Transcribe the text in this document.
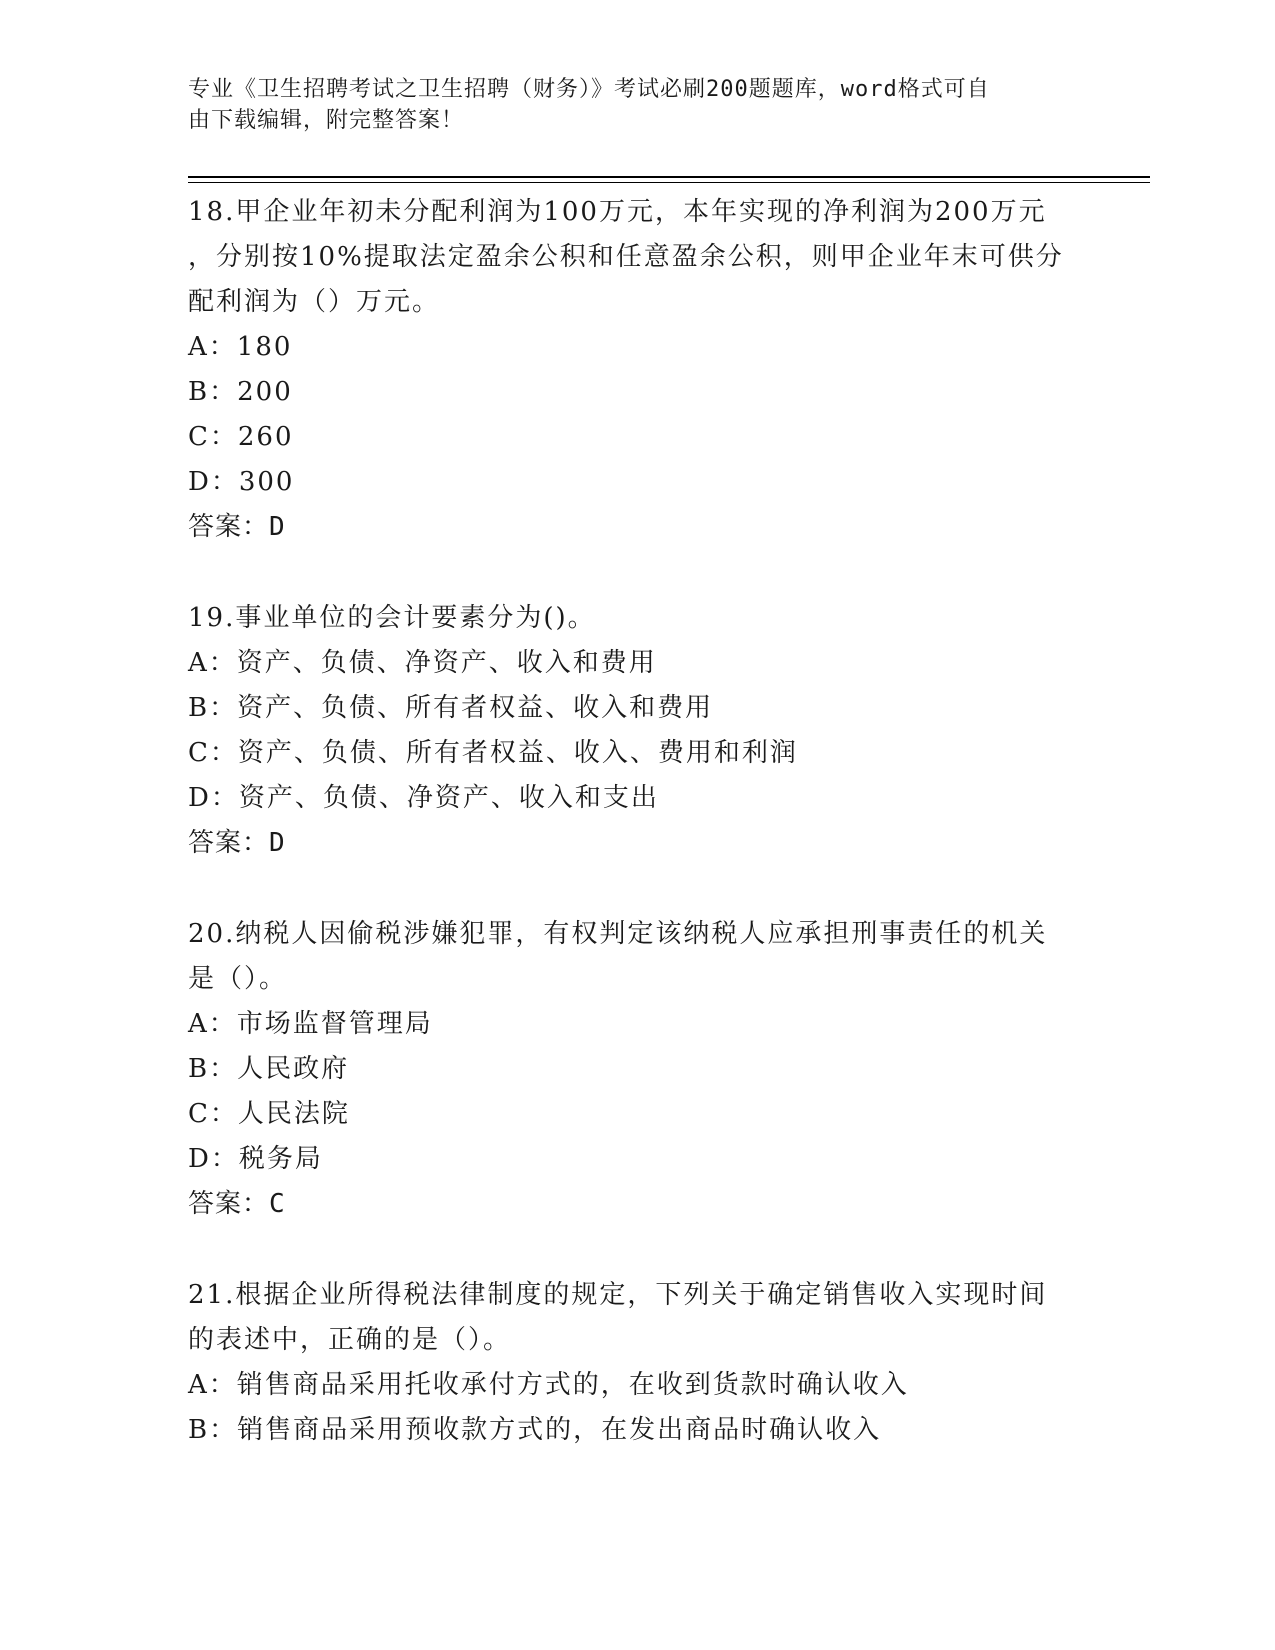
专业《卫生招聘考试之卫生招聘（财务）》考试必刷200题题库，word格式可自
由下载编辑，附完整答案！
18.甲企业年初未分配利润为100万元，本年实现的净利润为200万元
，分别按10%提取法定盈余公积和任意盈余公积，则甲企业年末可供分
配利润为（）万元。
A：180
B：200
C：260
D：300
答案：D
19.事业单位的会计要素分为()。
A：资产、负债、净资产、收入和费用
B：资产、负债、所有者权益、收入和费用
C：资产、负债、所有者权益、收入、费用和利润
D：资产、负债、净资产、收入和支出
答案：D
20.纳税人因偷税涉嫌犯罪，有权判定该纳税人应承担刑事责任的机关
是（）。
A：市场监督管理局
B：人民政府
C：人民法院
D：税务局
答案：C
21.根据企业所得税法律制度的规定，下列关于确定销售收入实现时间
的表述中，正确的是（）。
A：销售商品采用托收承付方式的，在收到货款时确认收入
B：销售商品采用预收款方式的，在发出商品时确认收入
